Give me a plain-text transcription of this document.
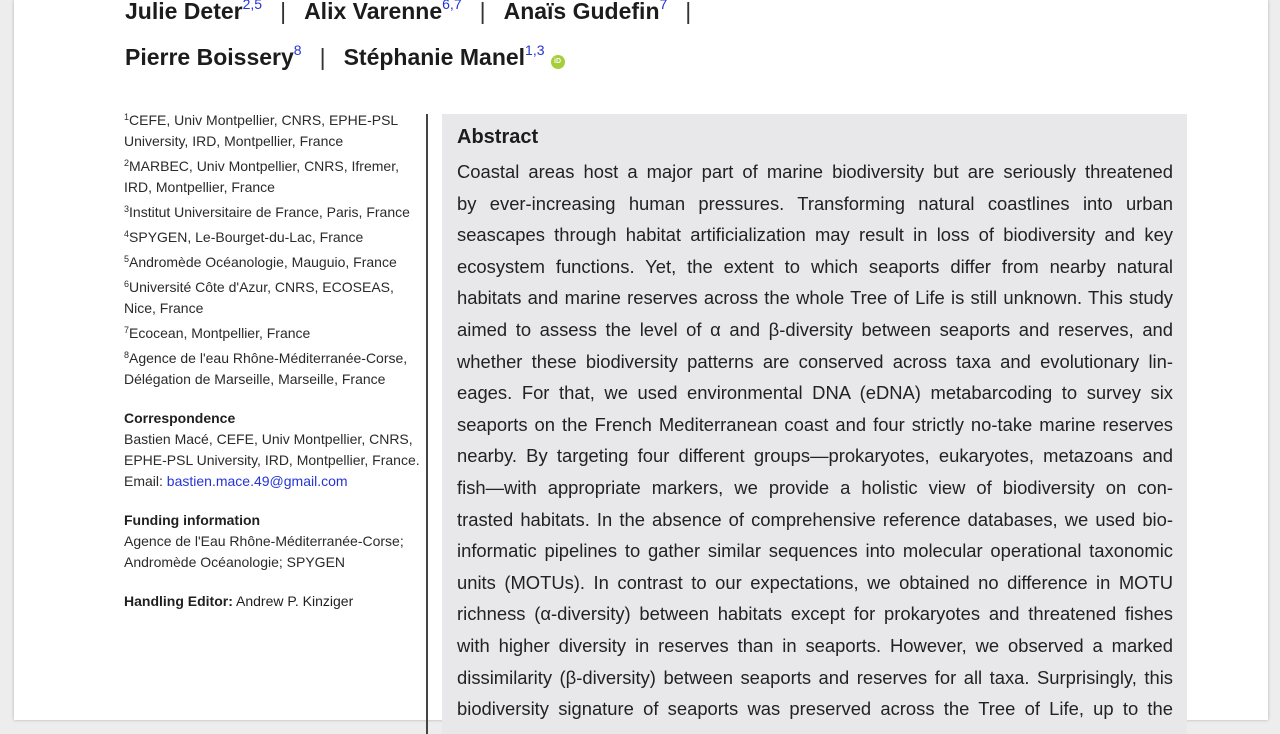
Julie Deter$^{2,5}$ | Alix Varenne$^{6,7}$ | Anaïs Gudefin$^7$ |
Pierre Boissery$^8$ | Stéphanie Manel$^{1,3}$iD
$^1$CEFE, Univ Montpellier, CNRS, EPHE-PSL University, IRD, Montpellier, France
$^2$MARBEC, Univ Montpellier, CNRS, Ifremer, IRD, Montpellier, France
$^3$Institut Universitaire de France, Paris, France
$^4$SPYGEN, Le-Bourget-du-Lac, France
$^5$Andromède Océanologie, Mauguio, France
$^6$Université Côte d'Azur, CNRS, ECOSEAS, Nice, France
$^7$Ecocean, Montpellier, France
$^8$Agence de l'eau Rhône-Méditerranée-Corse, Délégation de Marseille, Marseille, France
Correspondence
Bastien Macé, CEFE, Univ Montpellier, CNRS, EPHE-PSL University, IRD, Montpellier, France.
Email: bastien.mace.49@gmail.com
Funding information
Agence de l'Eau Rhône-Méditerranée-Corse; Andromède Océanologie; SPYGEN
Handling Editor: Andrew P. Kinziger
Abstract
Coastal areas host a major part of marine biodiversity but are seriously threatened
by ever-increasing human pressures. Transforming natural coastlines into urban
seascapes through habitat artificialization may result in loss of biodiversity and key
ecosystem functions. Yet, the extent to which seaports differ from nearby natural
habitats and marine reserves across the whole Tree of Life is still unknown. This study
aimed to assess the level of α and β-diversity between seaports and reserves, and
whether these biodiversity patterns are conserved across taxa and evolutionary lin-
eages. For that, we used environmental DNA (eDNA) metabarcoding to survey six
seaports on the French Mediterranean coast and four strictly no-take marine reserves
nearby. By targeting four different groups—prokaryotes, eukaryotes, metazoans and
fish—with appropriate markers, we provide a holistic view of biodiversity on con-
trasted habitats. In the absence of comprehensive reference databases, we used bio-
informatic pipelines to gather similar sequences into molecular operational taxonomic
units (MOTUs). In contrast to our expectations, we obtained no difference in MOTU
richness (α-diversity) between habitats except for prokaryotes and threatened fishes
with higher diversity in reserves than in seaports. However, we observed a marked
dissimilarity (β-diversity) between seaports and reserves for all taxa. Surprisingly, this
biodiversity signature of seaports was preserved across the Tree of Life, up to the
